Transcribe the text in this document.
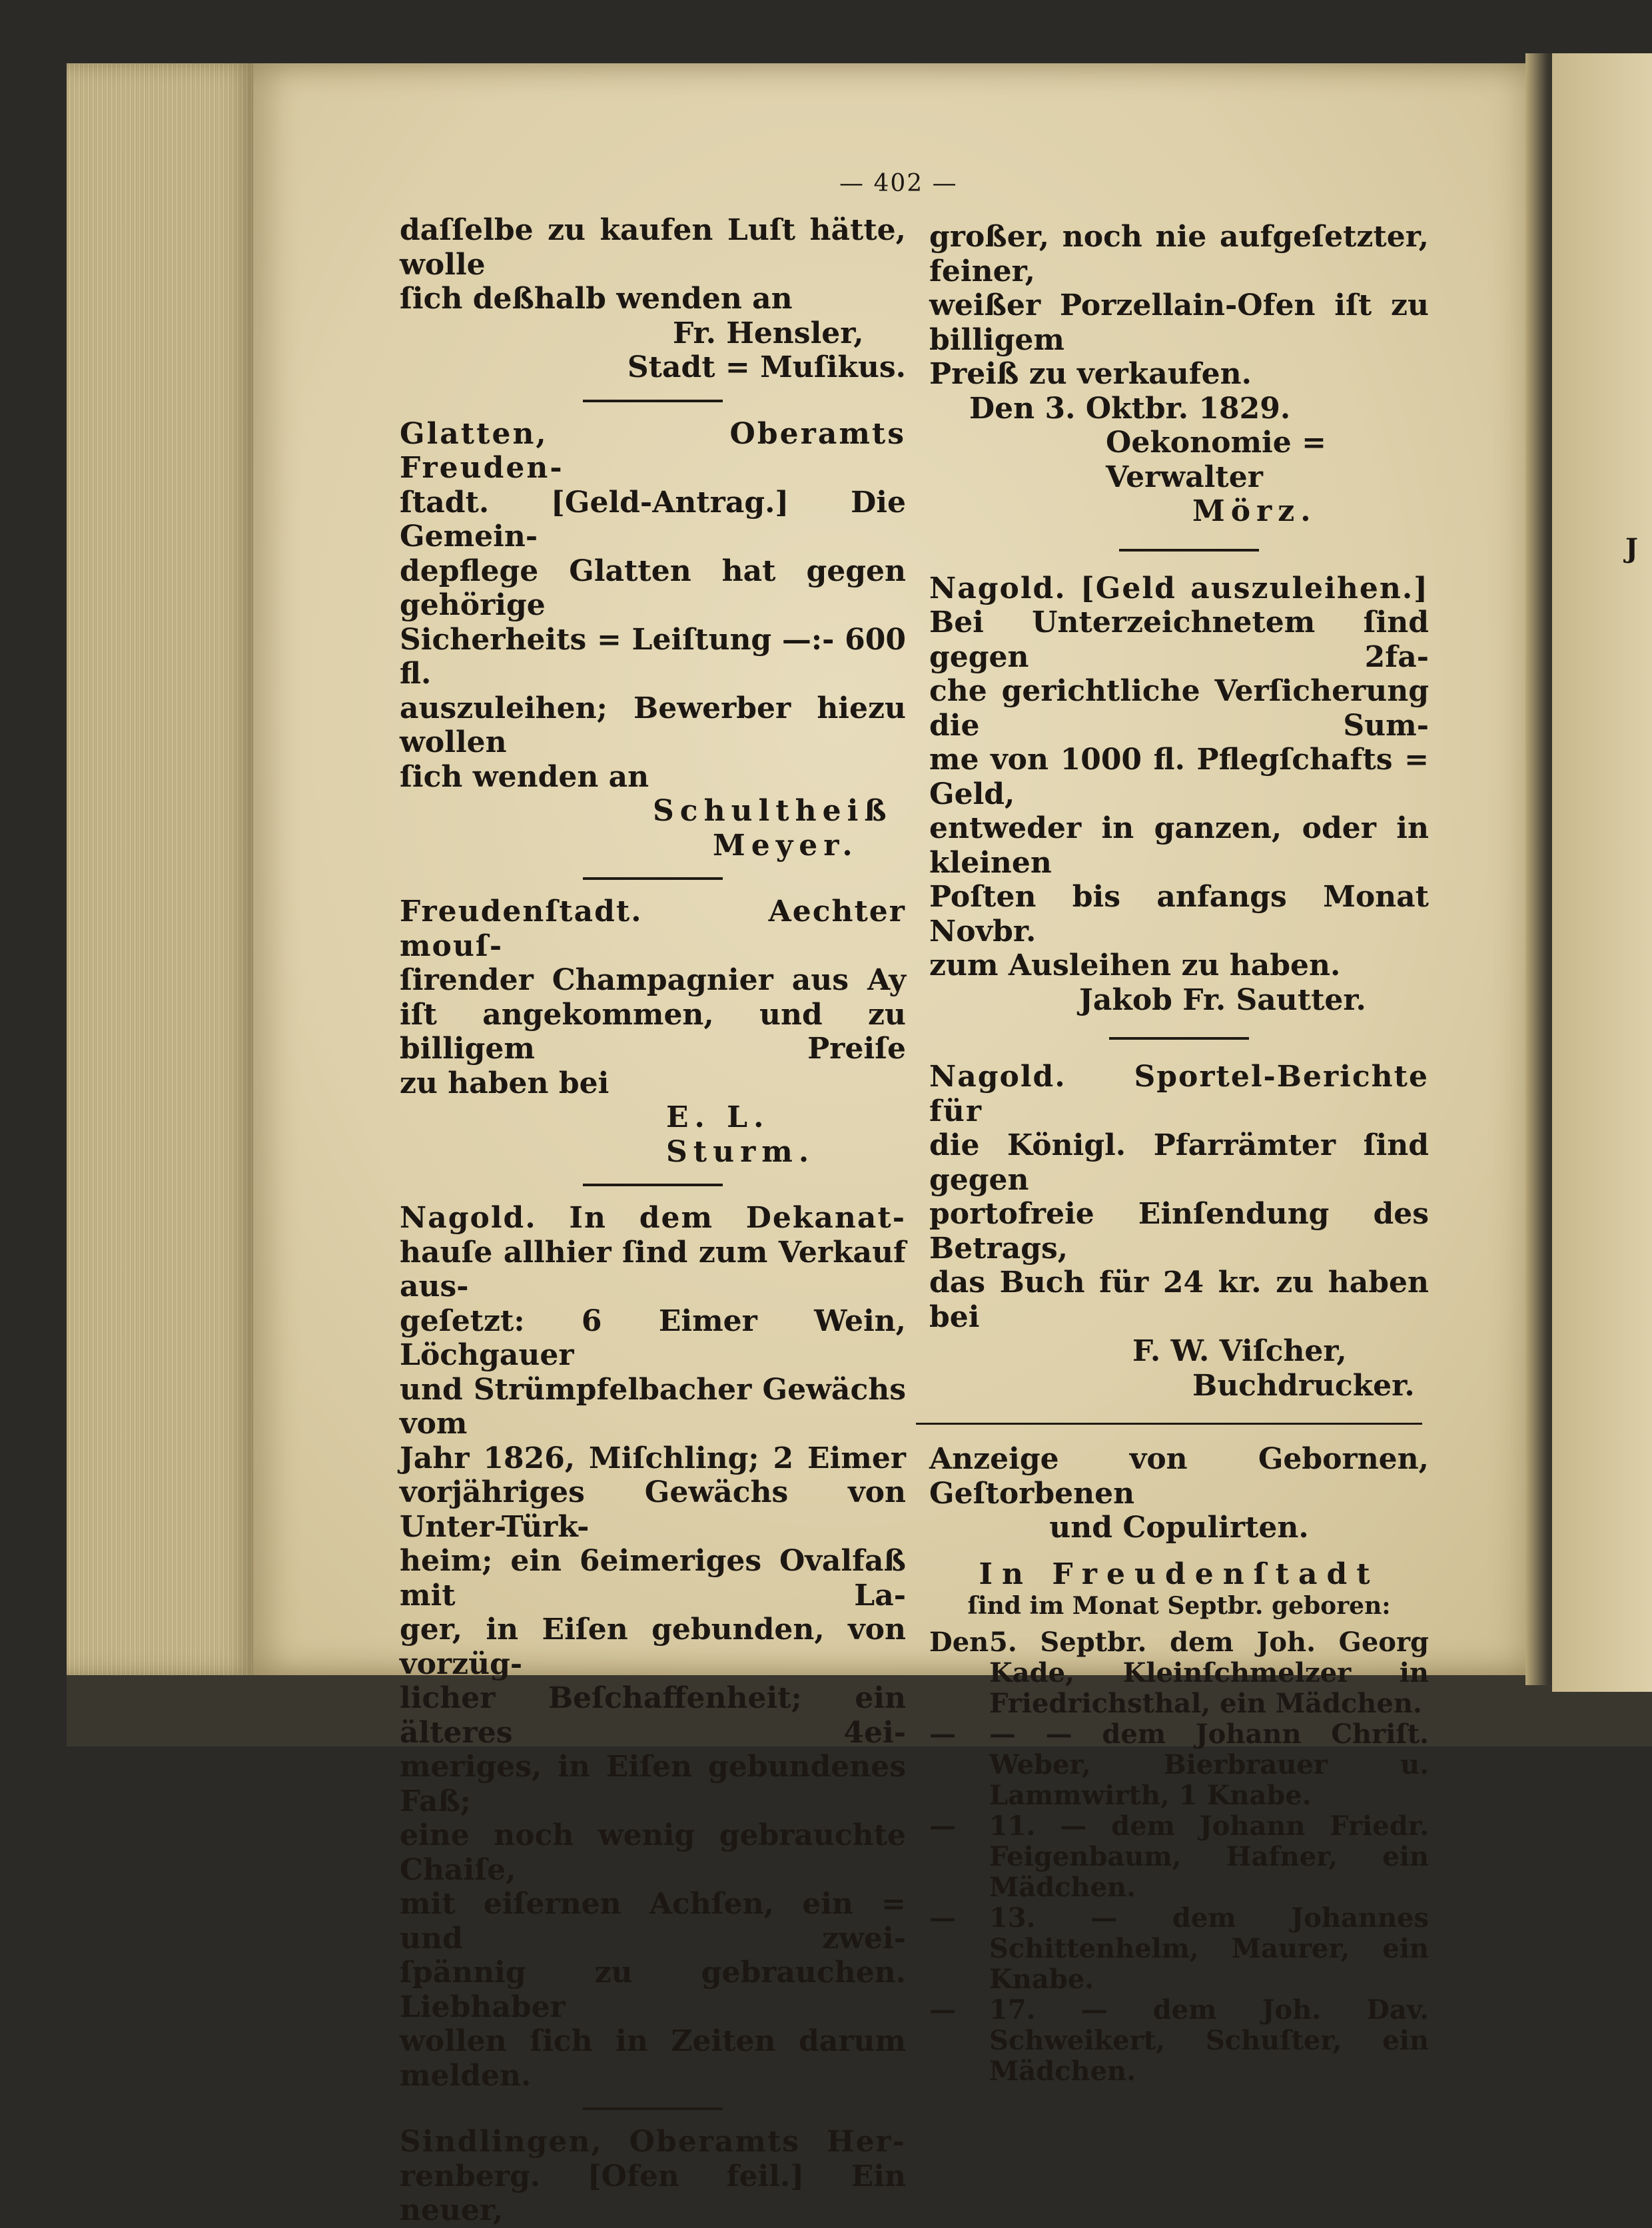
J
— 402 —

daſſelbe zu kaufen Luſt hätte, wolle

ſich deßhalb wenden an

Fr. Hensler,

Stadt = Muſikus.

Glatten, Oberamts Freuden-

ſtadt. [Geld-Antrag.] Die Gemein-

depflege Glatten hat gegen gehörige

Sicherheits = Leiſtung —:- 600 fl.

auszuleihen; Bewerber hiezu wollen

ſich wenden an

Schultheiß

Meyer.

Freudenſtadt. Aechter mouſ-

ſirender Champagnier aus Ay

iſt angekommen, und zu billigem Preiſe

zu haben bei

E. L. Sturm.

Nagold. In dem Dekanat-

hauſe allhier ſind zum Verkauf aus-

geſetzt: 6 Eimer Wein, Löchgauer

und Strümpfelbacher Gewächs vom

Jahr 1826, Miſchling; 2 Eimer

vorjähriges Gewächs von Unter-Türk-

heim; ein 6eimeriges Ovalfaß mit La-

ger, in Eiſen gebunden, von vorzüg-

licher Beſchaffenheit; ein älteres 4ei-

meriges, in Eiſen gebundenes Faß;

eine noch wenig gebrauchte Chaiſe,

mit eiſernen Achſen, ein = und zwei-

ſpännig zu gebrauchen. Liebhaber

wollen ſich in Zeiten darum melden.

Sindlingen, Oberamts Her-

renberg. [Ofen feil.] Ein neuer,

großer, noch nie aufgeſetzter, feiner,

weißer Porzellain-Ofen iſt zu billigem

Preiß zu verkaufen.

Den 3. Oktbr. 1829.

Oekonomie = Verwalter

Mörz.

Nagold. [Geld auszuleihen.]

Bei Unterzeichnetem ſind gegen 2fa-

che gerichtliche Verſicherung die Sum-

me von 1000 fl. Pflegſchafts = Geld,

entweder in ganzen, oder in kleinen

Poſten bis anfangs Monat Novbr.

zum Ausleihen zu haben.

Jakob Fr. Sautter.

Nagold. Sportel-Berichte für

die Königl. Pfarrämter ſind gegen

portofreie Einſendung des Betrags,

das Buch für 24 kr. zu haben bei

F. W. Viſcher,

Buchdrucker.

Anzeige von Gebornen, Geſtorbenen

und Copulirten.

In Freudenſtadt

ſind im Monat Septbr. geboren:

Den 5. Septbr. dem Joh. Georg Kade, Kleinſchmelzer in Friedrichsthal, ein Mädchen.
—	— — dem Johann Chriſt. Weber, Bierbrauer u. Lammwirth, 1 Knabe.
—	11. — dem Johann Friedr. Feigenbaum, Hafner, ein Mädchen.
—	13. — dem Johannes Schittenhelm, Maurer, ein Knabe.
—	17. — dem Joh. Dav. Schweikert, Schuſter, ein Mädchen.
